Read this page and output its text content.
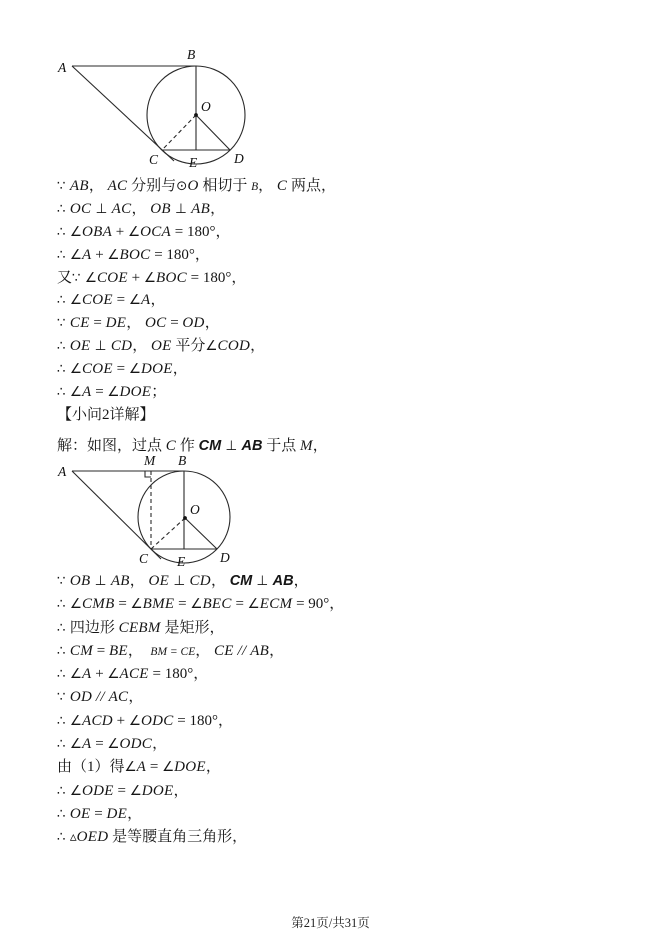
A
B
O
C E	D
∵ AB， AC 分别与⊙O 相切于 B， C 两点，
∴ OC ⊥ AC， OB ⊥ AB，
∴ ∠OBA + ∠OCA = 180°，
∴ ∠A + ∠BOC = 180°，
又∵ ∠COE + ∠BOC = 180°，
∴ ∠COE = ∠A，
∵ CE = DE， OC = OD，
∴ OE ⊥ CD， OE 平分∠COD，
∴ ∠COE = ∠DOE，
∴ ∠A = ∠DOE；
【小问2详解】
解：如图，过点 C 作 CM ⊥ AB 于点 M，
A
M B
O
C E	D
∵ OB ⊥ AB， OE ⊥ CD， CM ⊥ AB，
∴ ∠CMB = ∠BME = ∠BEC = ∠ECM = 90°，
∴ 四边形 CEBM 是矩形，
∴ CM = BE，  BM = CE， CE // AB，
∴ ∠A + ∠ACE = 180°，
∵ OD // AC，
∴ ∠ACD + ∠ODC = 180°，
∴ ∠A = ∠ODC，
由（1）得∠A = ∠DOE，
∴ ∠ODE = ∠DOE，
∴ OE = DE，
∴ ▵OED 是等腰直角三角形，
第21页/共31页
